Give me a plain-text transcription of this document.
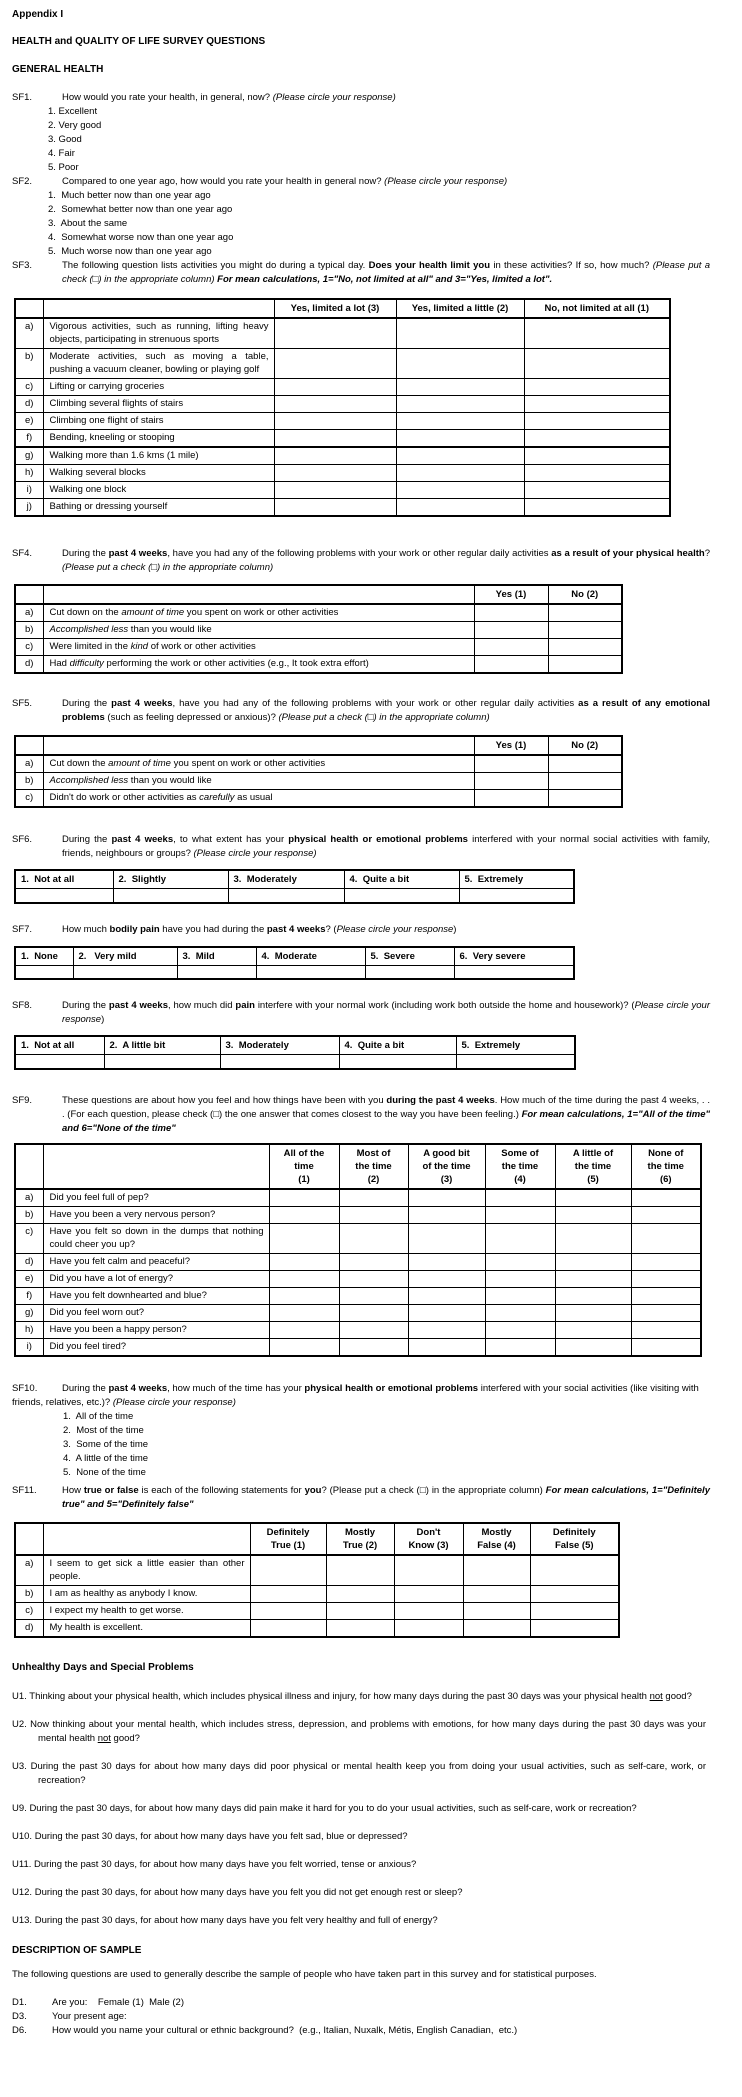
Appendix I
HEALTH and QUALITY OF LIFE SURVEY QUESTIONS
GENERAL HEALTH
SF1.	How would you rate your health, in general, now? (Please circle your response)
1. Excellent
2. Very good
3. Good
4. Fair
5. Poor
SF2.	Compared to one year ago, how would you rate your health in general now? (Please circle your response)
1.  Much better now than one year ago
2.  Somewhat better now than one year ago
3.  About the same
4.  Somewhat worse now than one year ago
5.  Much worse now than one year ago
SF3.	The following question lists activities you might do during a typical day. Does your health limit you in these activities? If so, how much? (Please put a check (□) in the appropriate column) For mean calculations, 1="No, not limited at all" and 3="Yes, limited a lot".
		Yes, limited a lot (3)	Yes, limited a little (2)	No, not limited at all (1)
a)	Vigorous activities, such as running, lifting heavy objects, participating in strenuous sports			
b)	Moderate activities, such as moving a table, pushing a vacuum cleaner, bowling or playing golf			
c)	Lifting or carrying groceries			
d)	Climbing several flights of stairs			
e)	Climbing one flight of stairs			
f)	Bending, kneeling or stooping			
g)	Walking more than 1.6 kms (1 mile)			
h)	Walking several blocks			
i)	Walking one block			
j)	Bathing or dressing yourself			
SF4.	During the past 4 weeks, have you had any of the following problems with your work or other regular daily activities as a result of your physical health? (Please put a check (□) in the appropriate column)
		Yes (1)	No (2)
a)	Cut down on the amount of time you spent on work or other activities		
b)	Accomplished less than you would like		
c)	Were limited in the kind of work or other activities		
d)	Had difficulty performing the work or other activities (e.g., It took extra effort)		
SF5.	During the past 4 weeks, have you had any of the following problems with your work or other regular daily activities as a result of any emotional problems (such as feeling depressed or anxious)? (Please put a check (□) in the appropriate column)
		Yes (1)	No (2)
a)	Cut down the amount of time you spent on work or other activities		
b)	Accomplished less than you would like		
c)	Didn't do work or other activities as carefully as usual		
SF6.	During the past 4 weeks, to what extent has your physical health or emotional problems interfered with your normal social activities with family, friends, neighbours or groups? (Please circle your response)
1.  Not at all	2.  Slightly	3.  Moderately	4.  Quite a bit	5.  Extremely

SF7.	How much bodily pain have you had during the past 4 weeks? (Please circle your response)
1.  None	2.   Very mild	3.  Mild	4.  Moderate	5.  Severe	6.  Very severe

SF8.	During the past 4 weeks, how much did pain interfere with your normal work (including work both outside the home and housework)? (Please circle your response)
1.  Not at all	2.  A little bit	3.  Moderately	4.  Quite a bit	5.  Extremely

SF9.	These questions are about how you feel and how things have been with you during the past 4 weeks. How much of the time during the past 4 weeks, . . . (For each question, please check (□) the one answer that comes closest to the way you have been feeling.) For mean calculations, 1="All of the time" and 6="None of the time"
		All of the
time
(1)	Most of
the time
(2)	A good bit
of the time
(3)	Some of
the time
(4)	A little of
the time
(5)	None of
the time
(6)
a)	Did you feel full of pep?						
b)	Have you been a very nervous person?						
c)	Have you felt so down in the dumps that nothing could cheer you up?						
d)	Have you felt calm and peaceful?						
e)	Did you have a lot of energy?						
f)	Have you felt downhearted and blue?						
g)	Did you feel worn out?						
h)	Have you been a happy person?						
i)	Did you feel tired?						
SF10.	During the past 4 weeks, how much of the time has your physical health or emotional problems interfered with your social activities (like visiting with friends, relatives, etc.)? (Please circle your response)
1.  All of the time
2.  Most of the time
3.  Some of the time
4.  A little of the time
5.  None of the time
SF11.	How true or false is each of the following statements for you? (Please put a check (□) in the appropriate column) For mean calculations, 1="Definitely true" and 5="Definitely false"
		Definitely
True (1)	Mostly
True (2)	Don't
Know (3)	Mostly
False (4)	Definitely
False (5)
a)	I seem to get sick a little easier than other people.					
b)	I am as healthy as anybody I know.					
c)	I expect my health to get worse.					
d)	My health is excellent.					
Unhealthy Days and Special Problems
U1. Thinking about your physical health, which includes physical illness and injury, for how many days during the past 30 days was your physical health not good?
U2. Now thinking about your mental health, which includes stress, depression, and problems with emotions, for how many days during the past 30 days was your mental health not good?
U3. During the past 30 days for about how many days did poor physical or mental health keep you from doing your usual activities, such as self-care, work, or recreation?
U9. During the past 30 days, for about how many days did pain make it hard for you to do your usual activities, such as self-care, work or recreation?
U10. During the past 30 days, for about how many days have you felt sad, blue or depressed?
U11. During the past 30 days, for about how many days have you felt worried, tense or anxious?
U12. During the past 30 days, for about how many days have you felt you did not get enough rest or sleep?
U13. During the past 30 days, for about how many days have you felt very healthy and full of energy?
DESCRIPTION OF SAMPLE
The following questions are used to generally describe the sample of people who have taken part in this survey and for statistical purposes.
D1.	Are you:    Female (1)  Male (2)
D3.	Your present age:
D6.	How would you name your cultural or ethnic background?  (e.g., Italian, Nuxalk, Métis, English Canadian,  etc.)
